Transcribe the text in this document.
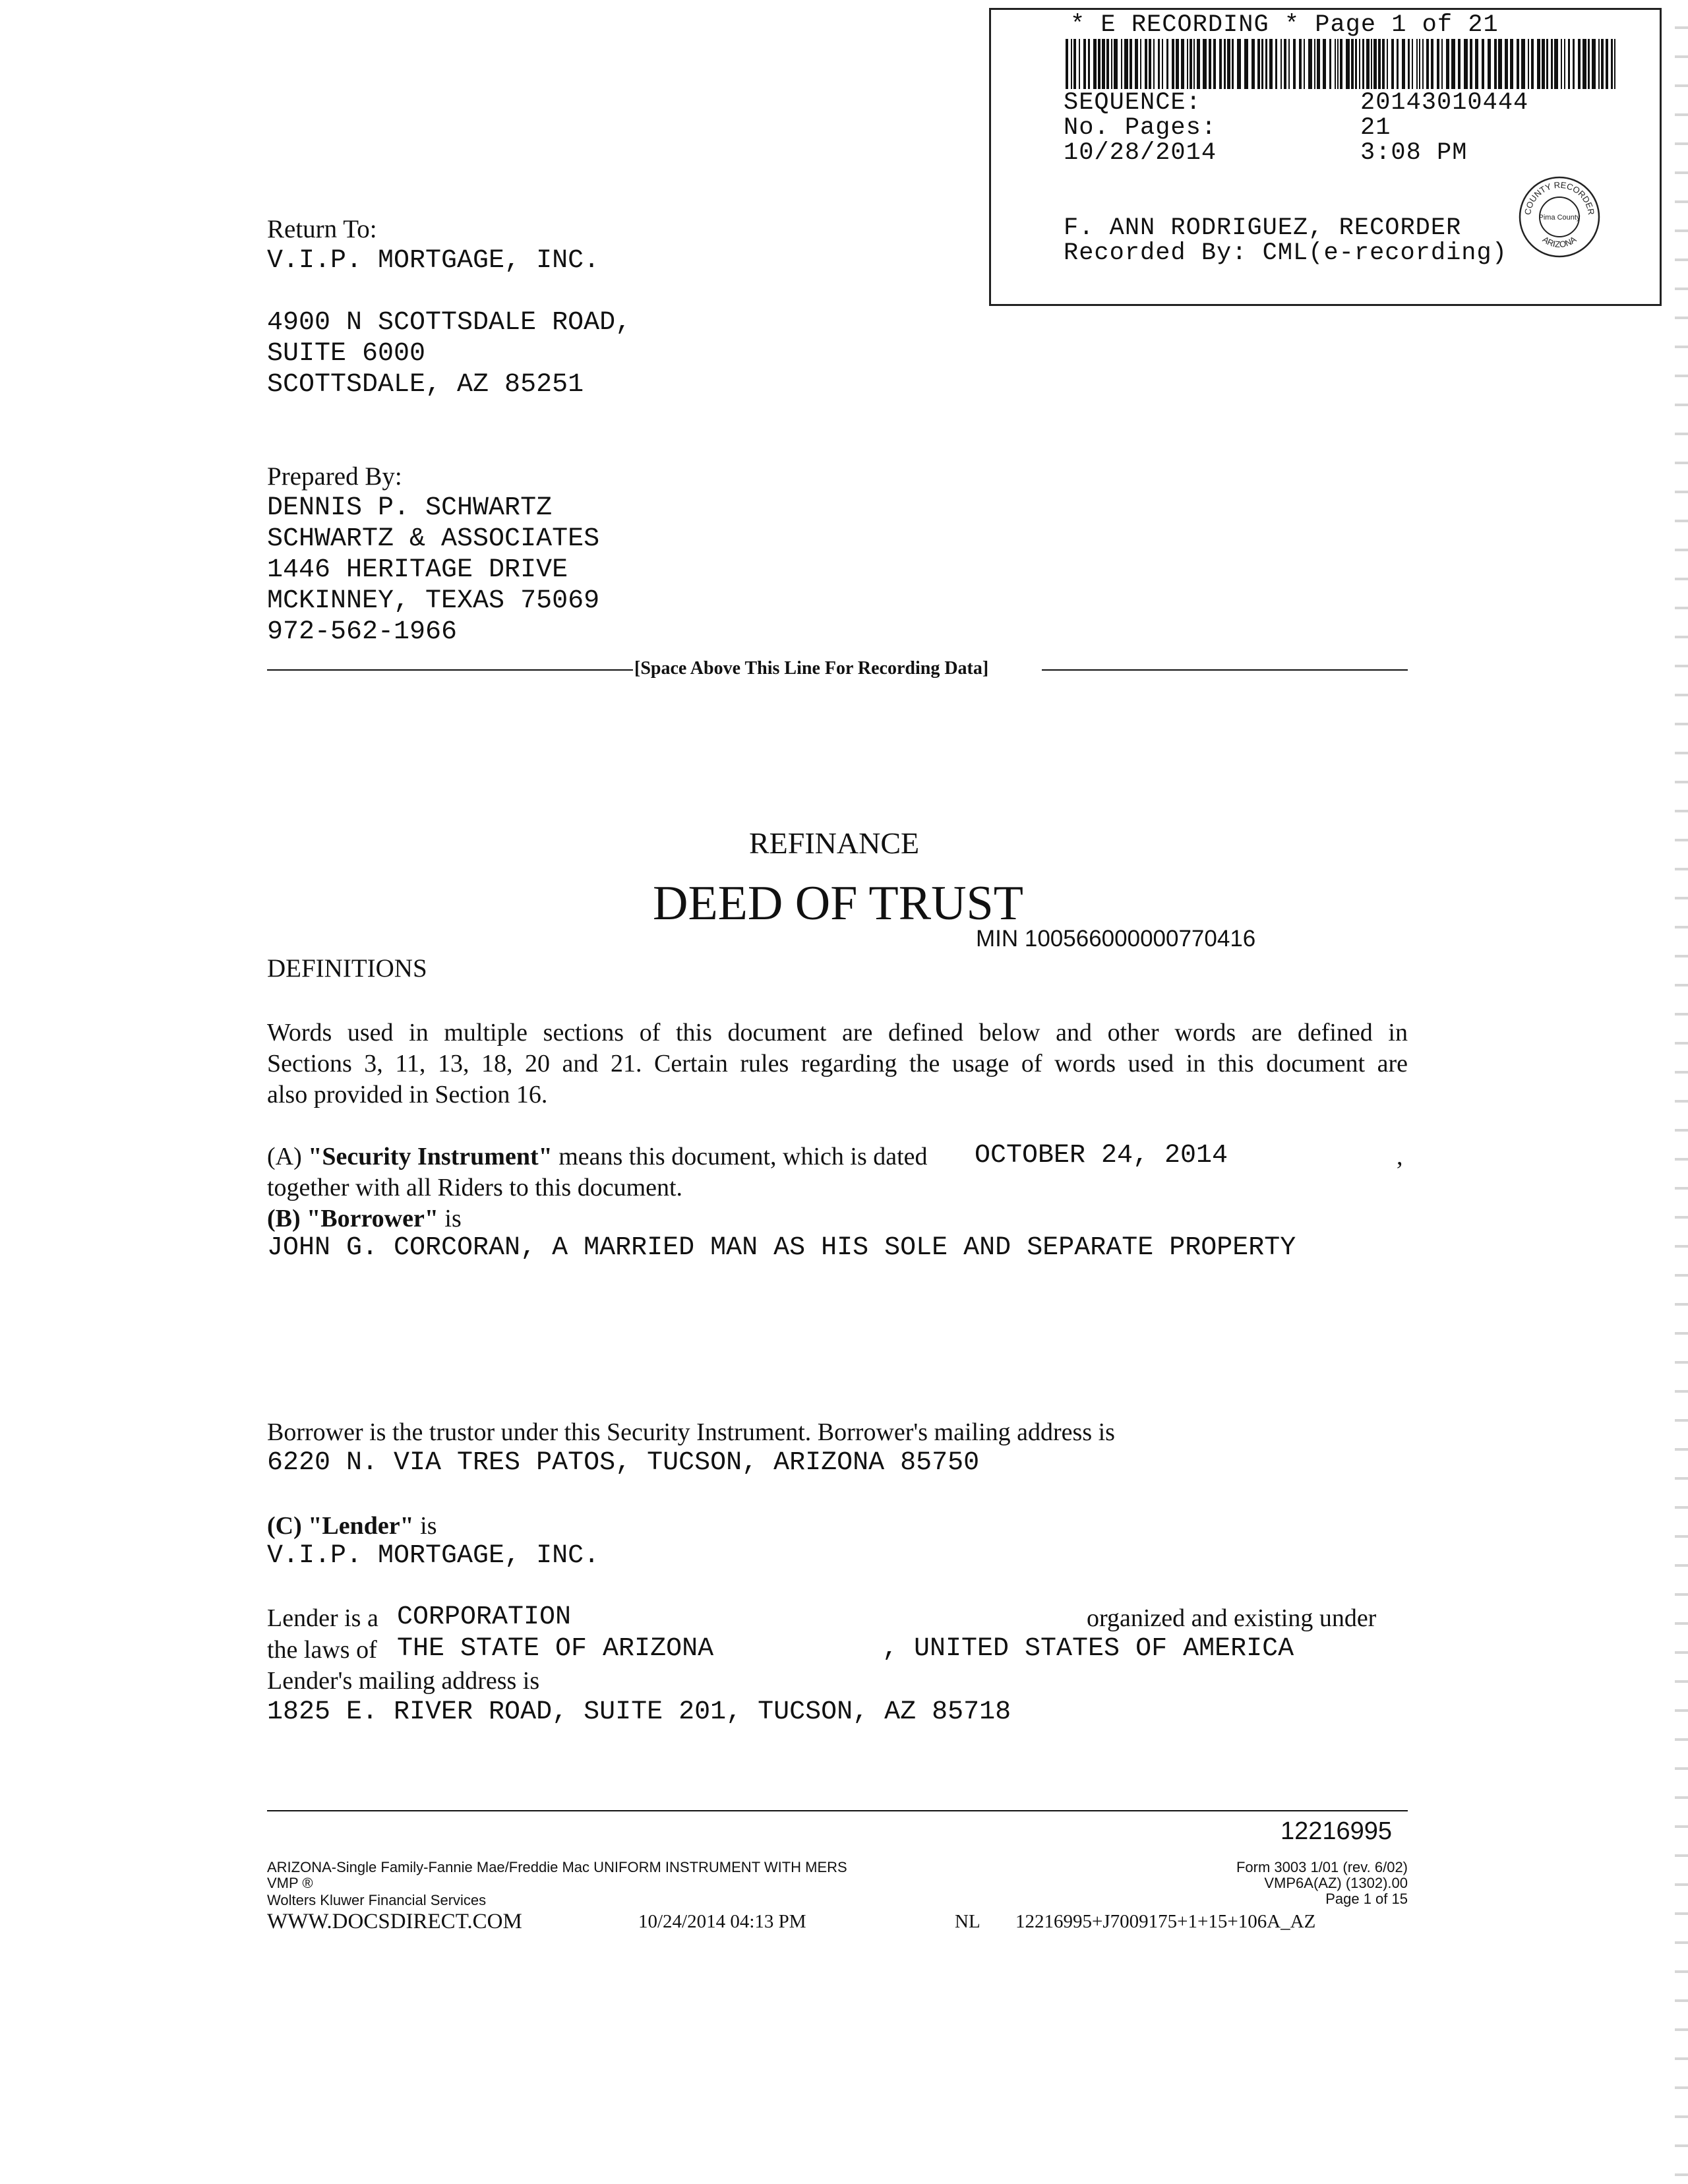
* E RECORDING * Page 1 of 21
SEQUENCE:	20143010444
No. Pages:	21
10/28/2014	3:08 PM
F. ANN RODRIGUEZ, RECORDER
Recorded By: CML(e-recording)
COUNTY RECORDER
ARIZONA
Pima County
Return To:
V.I.P. MORTGAGE, INC.
4900 N SCOTTSDALE ROAD,
SUITE 6000
SCOTTSDALE, AZ 85251
Prepared By:
DENNIS P. SCHWARTZ
SCHWARTZ & ASSOCIATES
1446 HERITAGE DRIVE
MCKINNEY, TEXAS 75069
972-562-1966
[Space Above This Line For Recording Data]
REFINANCE
DEED OF TRUST
MIN 100566000000770416
DEFINITIONS
Words used in multiple sections of this document are defined below and other words are defined in
Sections 3, 11, 13, 18, 20 and 21. Certain rules regarding the usage of words used in this document are
also provided in Section 16.
(A) "Security Instrument" means this document, which is dated OCTOBER 24, 2014	,
together with all Riders to this document.
(B) "Borrower" is
JOHN G. CORCORAN, A MARRIED MAN AS HIS SOLE AND SEPARATE PROPERTY
Borrower is the trustor under this Security Instrument. Borrower's mailing address is
6220 N. VIA TRES PATOS, TUCSON, ARIZONA 85750
(C) "Lender" is
V.I.P. MORTGAGE, INC.
Lender is a CORPORATION	organized and existing under
the laws of THE STATE OF ARIZONA	, UNITED STATES OF AMERICA
Lender's mailing address is
1825 E. RIVER ROAD, SUITE 201, TUCSON, AZ 85718
12216995
ARIZONA-Single Family-Fannie Mae/Freddie Mac UNIFORM INSTRUMENT WITH MERS
VMP ®
Wolters Kluwer Financial Services
Form 3003 1/01 (rev. 6/02)
VMP6A(AZ) (1302).00
Page 1 of 15
WWW.DOCSDIRECT.COM	10/24/2014 04:13 PM	NL 12216995+J7009175+1+15+106A_AZ
